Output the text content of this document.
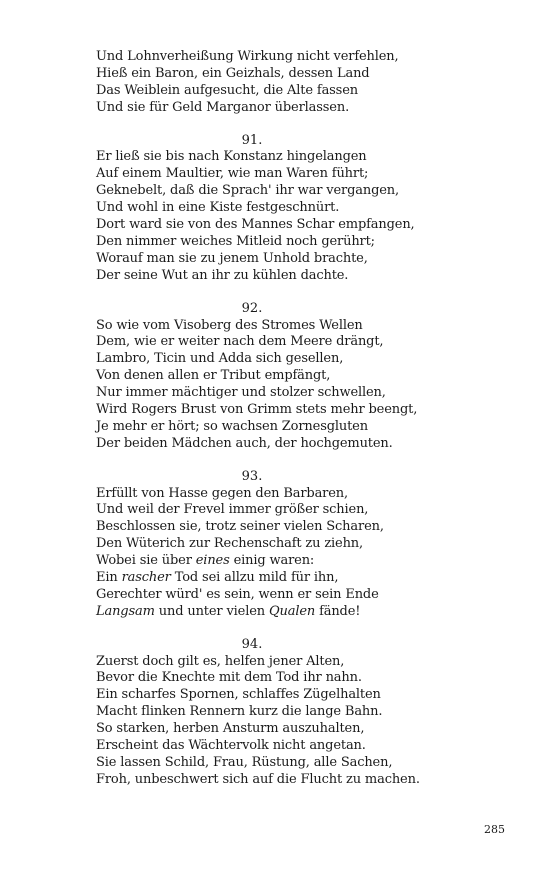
Und Lohnverheißung Wirkung nicht verfehlen,
Hieß ein Baron, ein Geizhals, dessen Land
Das Weiblein aufgesucht, die Alte fassen
Und sie für Geld Marganor überlassen.
91.
Er ließ sie bis nach Konstanz hingelangen
Auf einem Maultier, wie man Waren führt;
Geknebelt, daß die Sprach' ihr war vergangen,
Und wohl in eine Kiste festgeschnürt.
Dort ward sie von des Mannes Schar empfangen,
Den nimmer weiches Mitleid noch gerührt;
Worauf man sie zu jenem Unhold brachte,
Der seine Wut an ihr zu kühlen dachte.
92.
So wie vom Visoberg des Stromes Wellen
Dem, wie er weiter nach dem Meere drängt,
Lambro, Ticin und Adda sich gesellen,
Von denen allen er Tribut empfängt,
Nur immer mächtiger und stolzer schwellen,
Wird Rogers Brust von Grimm stets mehr beengt,
Je mehr er hört; so wachsen Zornesgluten
Der beiden Mädchen auch, der hochgemuten.
93.
Erfüllt von Hasse gegen den Barbaren,
Und weil der Frevel immer größer schien,
Beschlossen sie, trotz seiner vielen Scharen,
Den Wüterich zur Rechenschaft zu ziehn,
Wobei sie über eines einig waren:
Ein rascher Tod sei allzu mild für ihn,
Gerechter würd' es sein, wenn er sein Ende
Langsam und unter vielen Qualen fände!
94.
Zuerst doch gilt es, helfen jener Alten,
Bevor die Knechte mit dem Tod ihr nahn.
Ein scharfes Spornen, schlaffes Zügelhalten
Macht flinken Rennern kurz die lange Bahn.
So starken, herben Ansturm auszuhalten,
Erscheint das Wächtervolk nicht angetan.
Sie lassen Schild, Frau, Rüstung, alle Sachen,
Froh, unbeschwert sich auf die Flucht zu machen.
285
